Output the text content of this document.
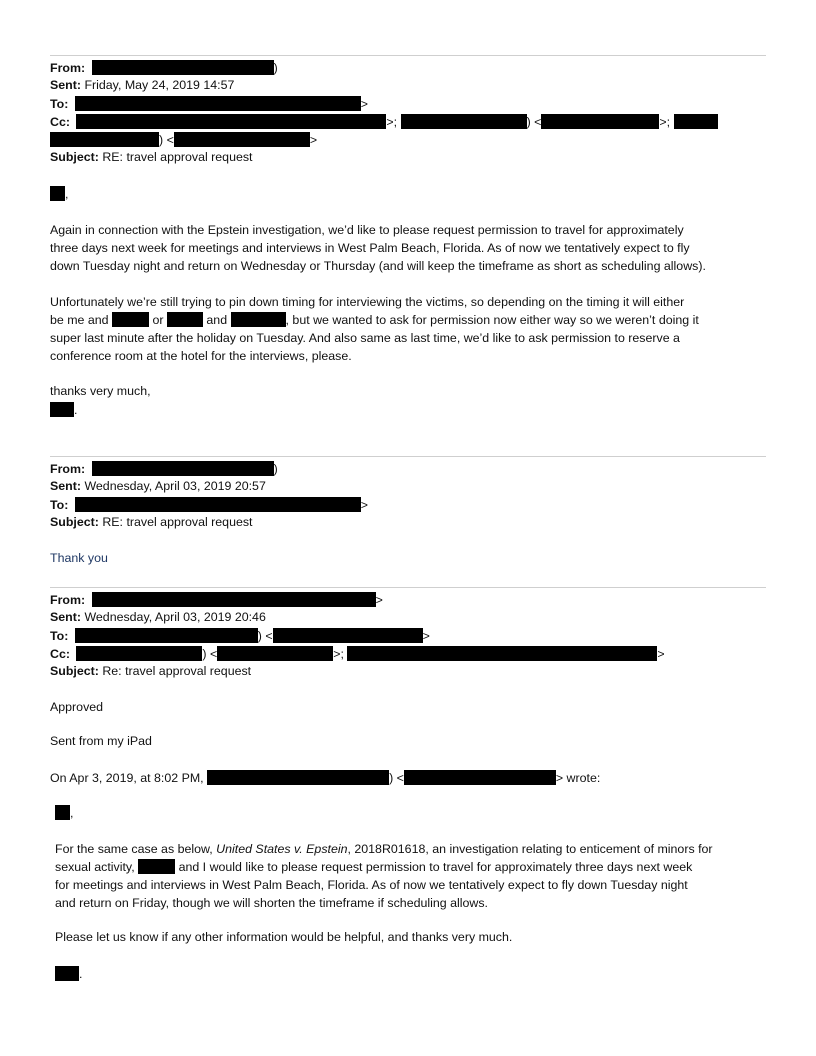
From:	)
Sent: Friday, May 24, 2019 14:57
To:	>
Cc:	>;	) <	>;
) <	>
Subject: RE: travel approval request
,
Again in connection with the Epstein investigation, we’d like to please request permission to travel for approximately
three days next week for meetings and interviews in West Palm Beach, Florida. As of now we tentatively expect to fly
down Tuesday night and return on Wednesday or Thursday (and will keep the timeframe as short as scheduling allows).
Unfortunately we’re still trying to pin down timing for interviewing the victims, so depending on the timing it will either
be me and	or	and	, but we wanted to ask for permission now either way so we weren’t doing it
super last minute after the holiday on Tuesday. And also same as last time, we’d like to ask permission to reserve a
conference room at the hotel for the interviews, please.
thanks very much,
.
From:	)
Sent: Wednesday, April 03, 2019 20:57
To:	>
Subject: RE: travel approval request
Thank you
From:	>
Sent: Wednesday, April 03, 2019 20:46
To:	) <	>
Cc:	) <	>;	>
Subject: Re: travel approval request
Approved
Sent from my iPad
On Apr 3, 2019, at 8:02 PM,	) <	> wrote:
,
For the same case as below, United States v. Epstein, 2018R01618, an investigation relating to enticement of minors for
sexual activity,	and I would like to please request permission to travel for approximately three days next week
for meetings and interviews in West Palm Beach, Florida. As of now we tentatively expect to fly down Tuesday night
and return on Friday, though we will shorten the timeframe if scheduling allows.
Please let us know if any other information would be helpful, and thanks very much.
.
